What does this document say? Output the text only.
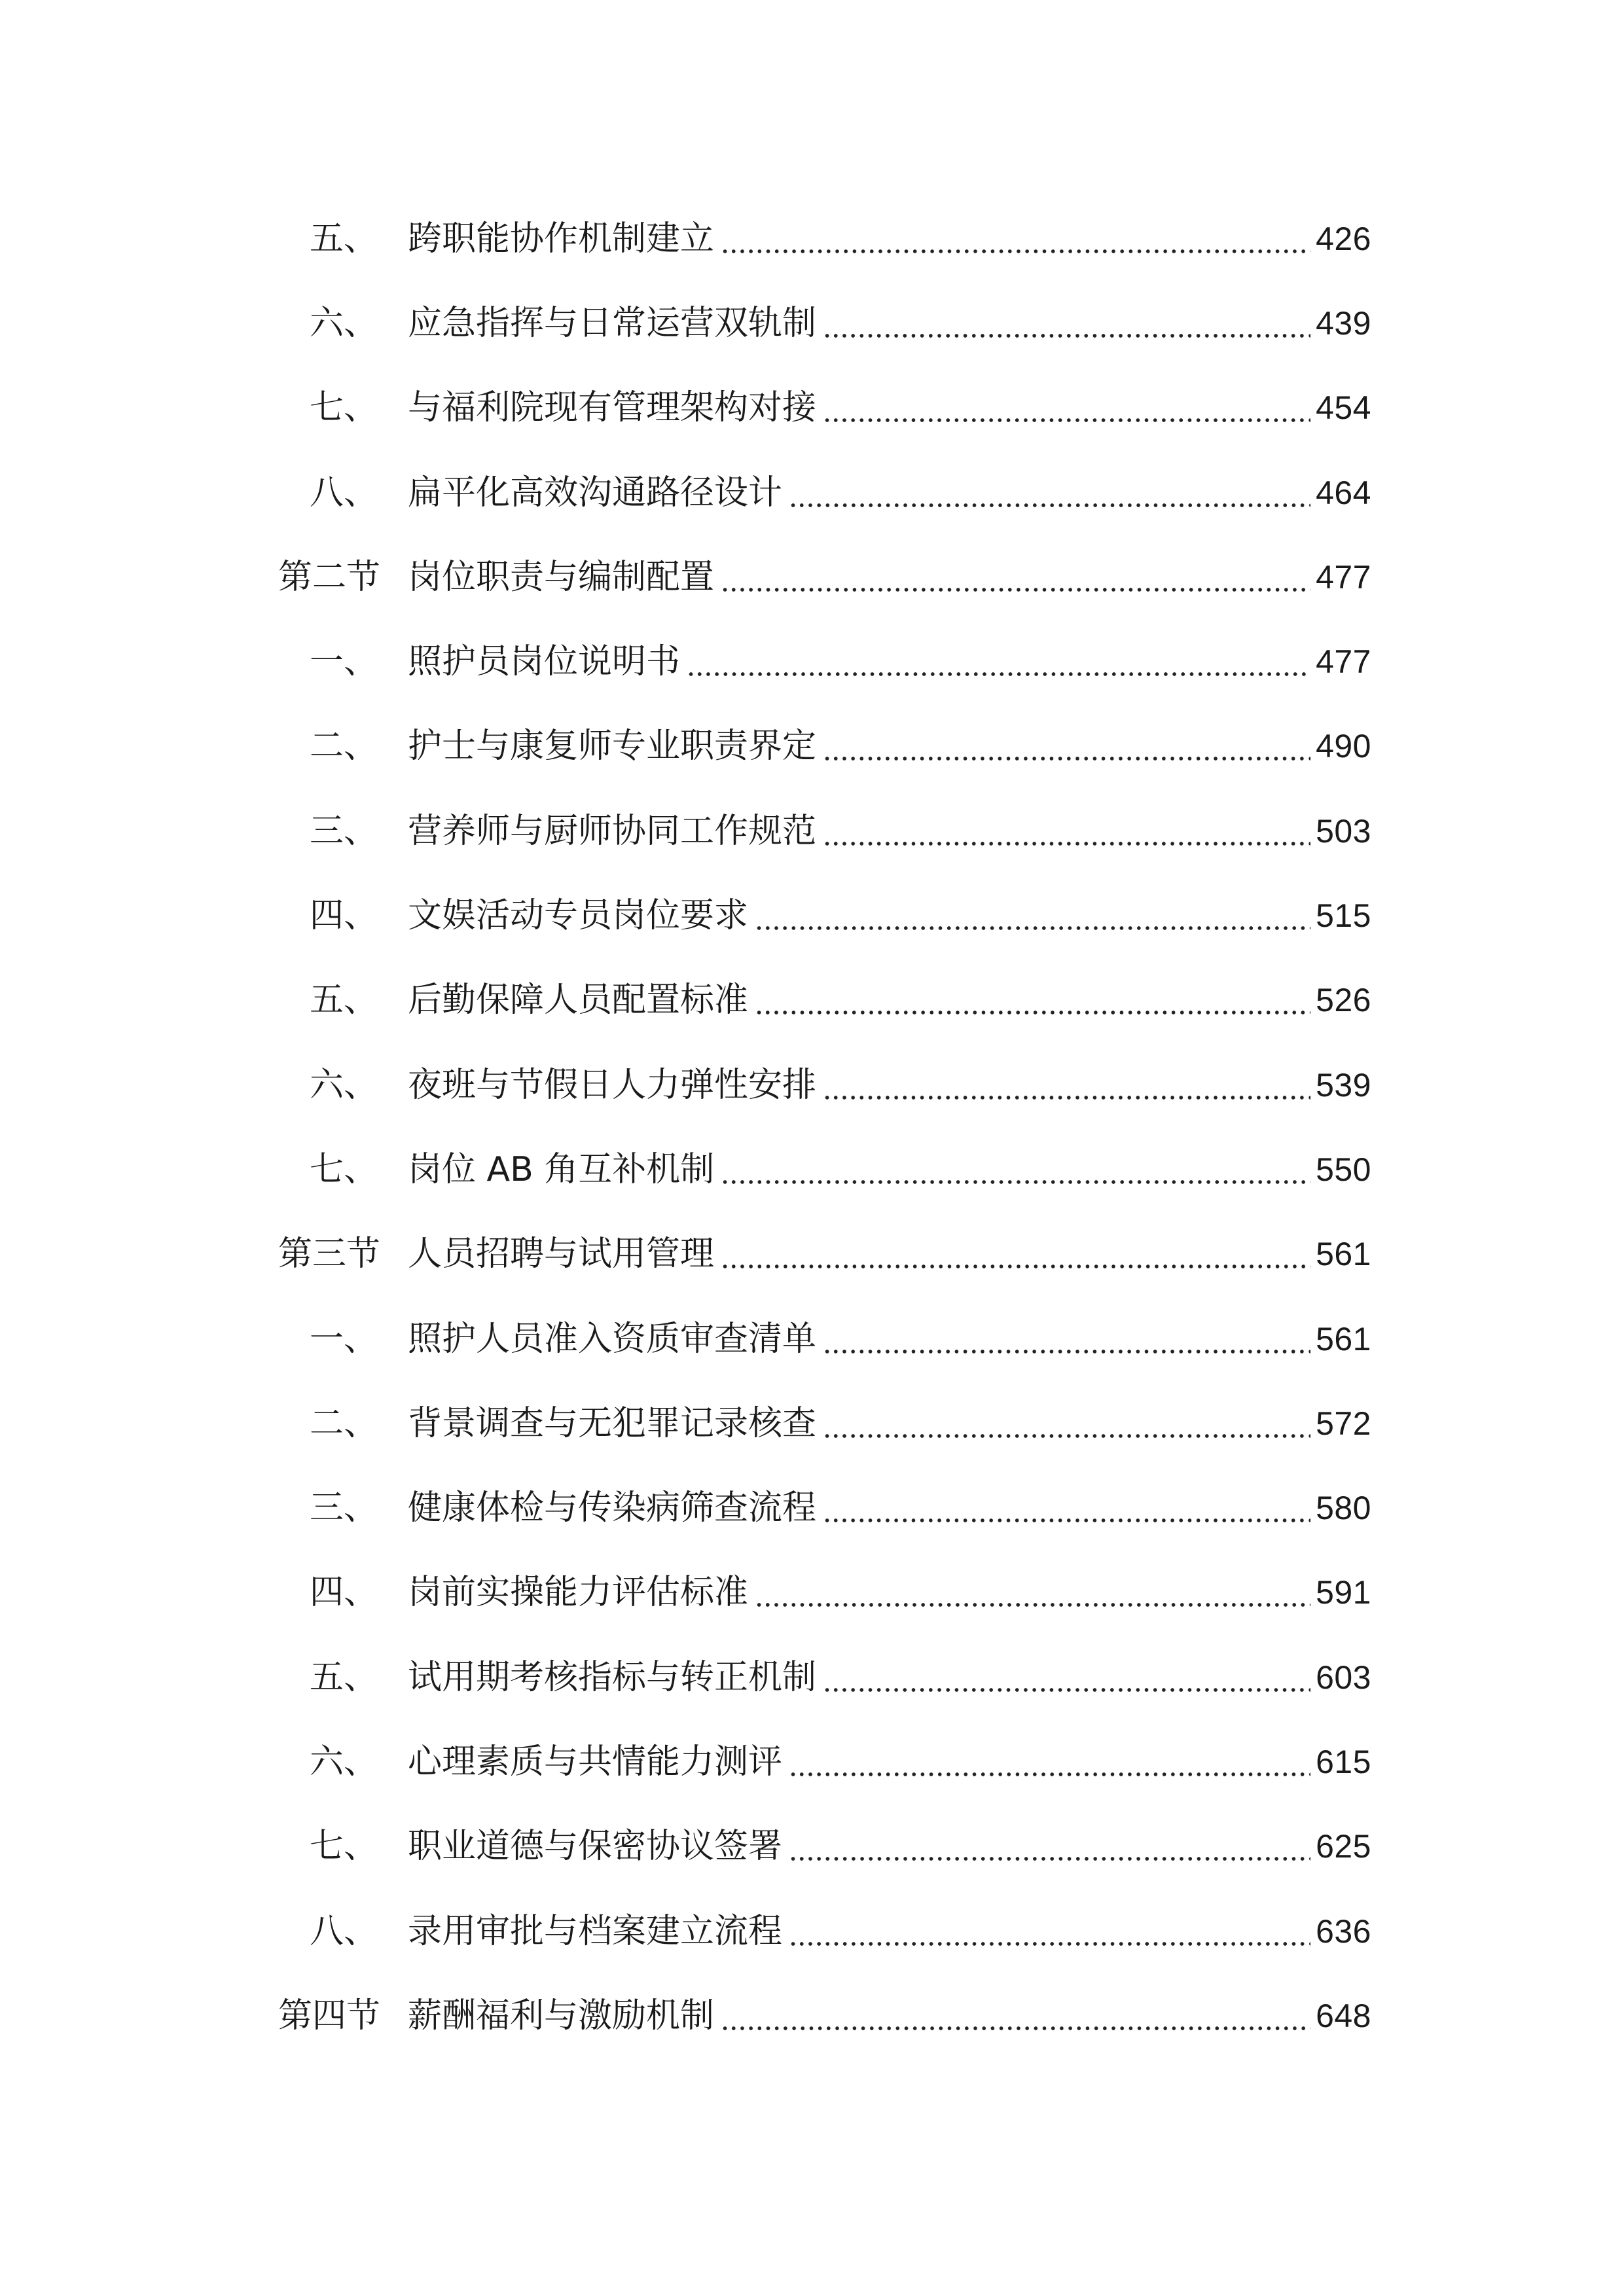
五、 跨职能协作机制建立	426
六、 应急指挥与日常运营双轨制	439
七、 与福利院现有管理架构对接	454
八、 扁平化高效沟通路径设计	464
第二节 岗位职责与编制配置	477
一、 照护员岗位说明书	477
二、 护士与康复师专业职责界定	490
三、 营养师与厨师协同工作规范	503
四、 文娱活动专员岗位要求	515
五、 后勤保障人员配置标准	526
六、 夜班与节假日人力弹性安排	539
七、 岗位 AB 角互补机制	550
第三节 人员招聘与试用管理	561
一、 照护人员准入资质审查清单	561
二、 背景调查与无犯罪记录核查	572
三、 健康体检与传染病筛查流程	580
四、 岗前实操能力评估标准	591
五、 试用期考核指标与转正机制	603
六、 心理素质与共情能力测评	615
七、 职业道德与保密协议签署	625
八、 录用审批与档案建立流程	636
第四节 薪酬福利与激励机制	648
